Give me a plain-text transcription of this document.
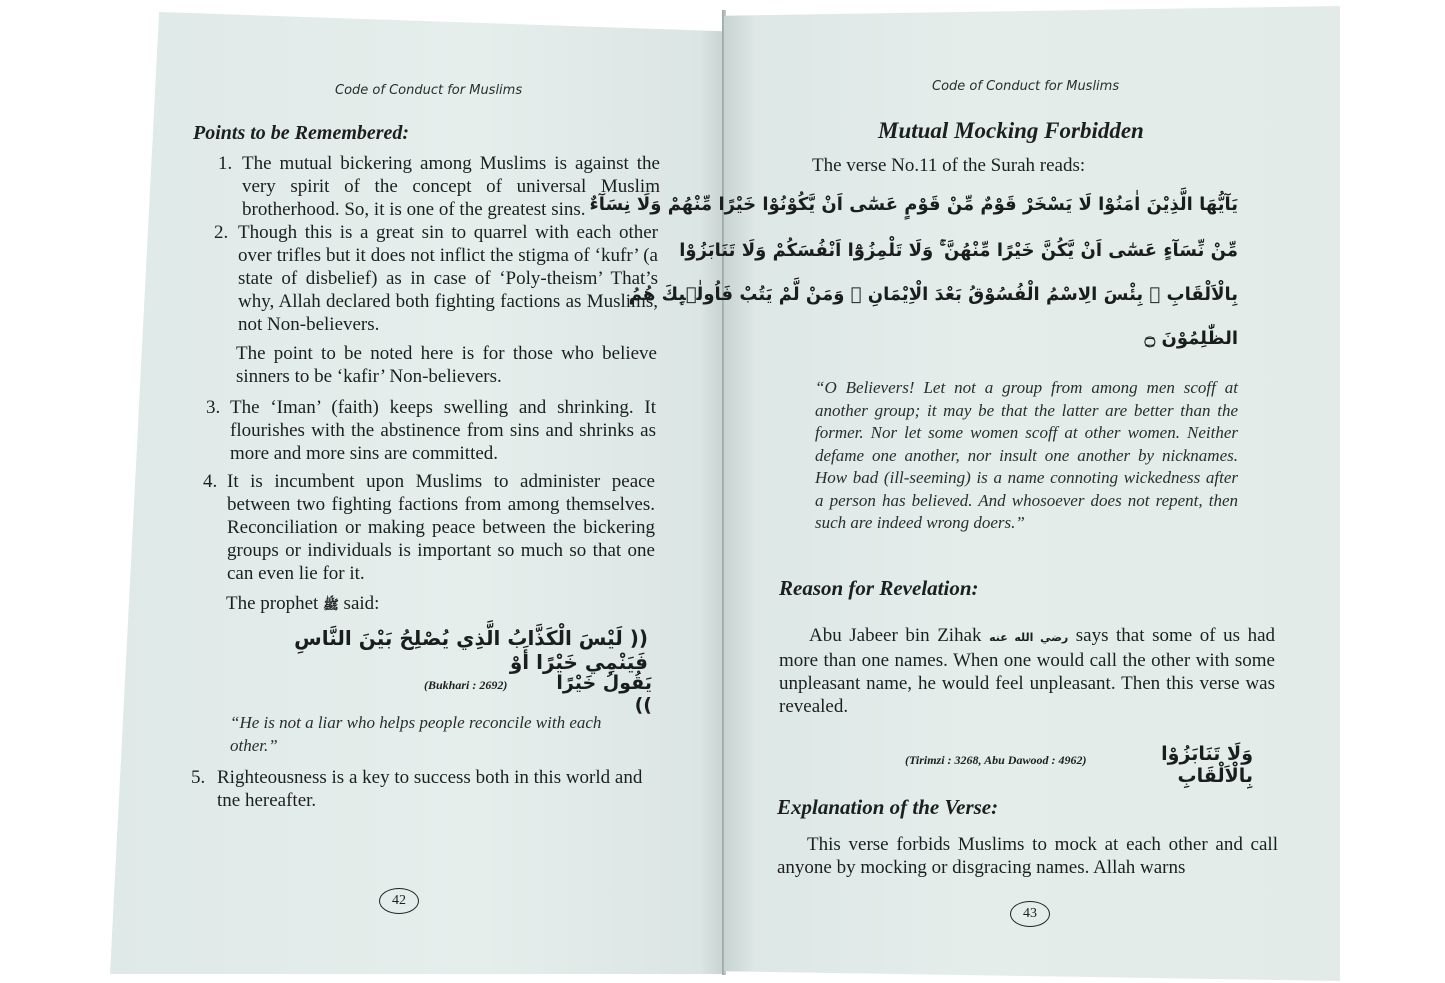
Code of Conduct for Muslims
Points to be Remembered:
1. The mutual bickering among Muslims is against the very spirit of the concept of universal Muslim brotherhood. So, it is one of the greatest sins.
2. Though this is a great sin to quarrel with each other over trifles but it does not inflict the stigma of ‘kufr’ (a state of disbelief) as in case of ‘Poly-theism’ That’s why, Allah declared both fighting factions as Muslims, not Non-believers.
The point to be noted here is for those who believe sinners to be ‘kafir’ Non-believers.
3. The ‘Iman’ (faith) keeps swelling and shrinking. It flourishes with the abstinence from sins and shrinks as more and more sins are committed.
4. It is incumbent upon Muslims to administer peace between two fighting factions from among themselves. Reconciliation or making peace between the bickering groups or individuals is important so much so that one can even lie for it.
The prophet ﷺ said:
(( لَيْسَ الْكَذَّابُ الَّذِي يُصْلِحُ بَيْنَ النَّاسِ فَيَنْمِي خَيْرًا أَوْ
يَقُولُ خَيْرًا ))
(Bukhari : 2692)
“He is not a liar who helps people reconcile with each other.”
5. Righteousness is a key to success both in this world and tne hereafter.
42
Code of Conduct for Muslims
Mutual Mocking Forbidden
The verse No.11 of the Surah reads:
يَآيُّهَا الَّذِيْنَ اٰمَنُوْا لَا يَسْخَرْ قَوْمٌ مِّنْ قَوْمٍ عَسٰٓى اَنْ يَّكُوْنُوْا خَيْرًا مِّنْهُمْ وَلَا نِسَآءٌ
مِّنْ نِّسَآءٍ عَسٰٓى اَنْ يَّكُنَّ خَيْرًا مِّنْهُنَّ ۚ وَلَا تَلْمِزُوْٓا اَنْفُسَكُمْ وَلَا تَنَابَزُوْا
بِالْاَلْقَابِ ۭ بِئْسَ الِاسْمُ الْفُسُوْقُ بَعْدَ الْاِيْمَانِ ۚ وَمَنْ لَّمْ يَتُبْ فَاُولٰۗىِٕكَ هُمُ
الظّٰلِمُوْنَ ۝
“O Believers! Let not a group from among men scoff at another group; it may be that the latter are better than the former. Nor let some women scoff at other women. Neither defame one another, nor insult one another by nicknames. How bad (ill-seeming) is a name connoting wickedness after a person has believed. And whosoever does not repent, then such are indeed wrong doers.”
Reason for Revelation:
Abu Jabeer bin Zihak رضي الله عنه says that some of us had more than one names. When one would call the other with some unpleasant name, he would feel unpleasant. Then this verse was revealed.
(Tirimzi : 3268, Abu Dawood : 4962)	وَلَا تَنَابَزُوْا بِالْاَلْقَابِ
Explanation of the Verse:
This verse forbids Muslims to mock at each other and call anyone by mocking or disgracing names. Allah warns
43
